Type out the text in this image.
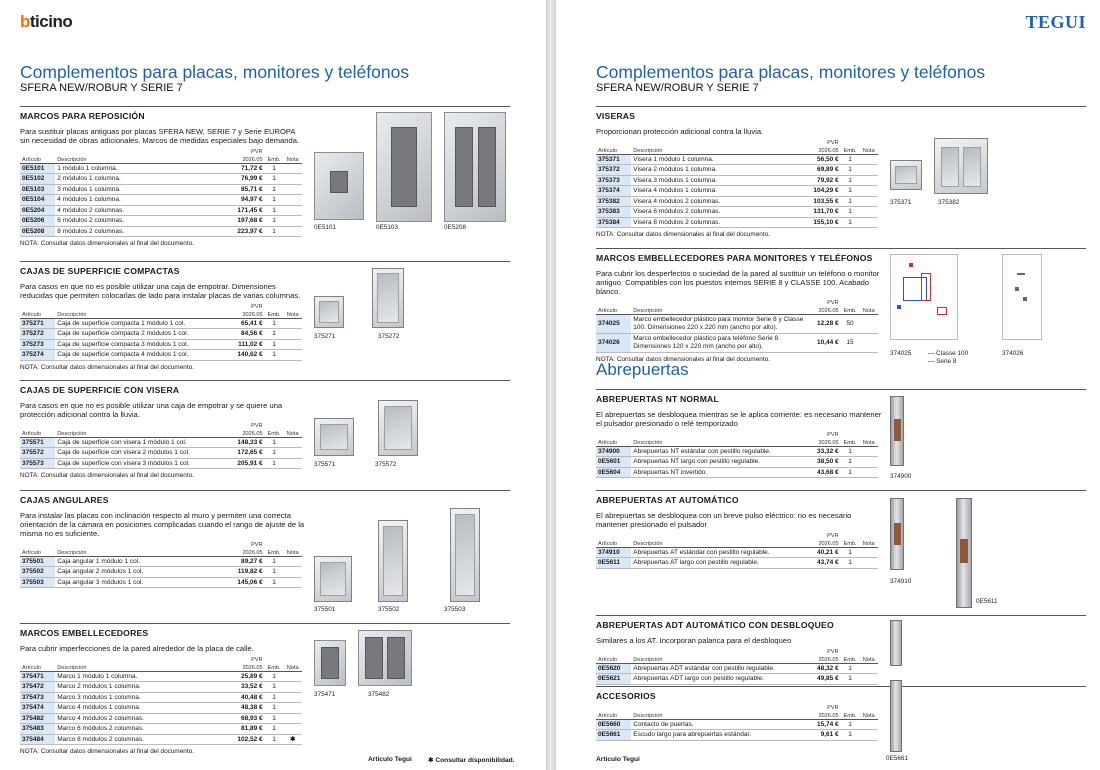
bticino
Complementos para placas, monitores y teléfonos
SFERA NEW/ROBUR Y SERIE 7
MARCOS PARA REPOSICIÓN
Para sustituir placas antiguas por placas SFERA NEW, SERIE 7 y Serie EUROPA sin necesidad de obras adicionales. Marcos de medidas especiales bajo demanda.
		PVR		
Artículo	Descripción	2026.05	Emb.	Nota
0E5101	1 módulo 1 columna.	71,72 €	1	
0E5102	2 módulos 1 columna.	76,99 €	1	
0E5103	3 módulos 1 columna.	85,71 €	1	
0E5104	4 módulos 1 columna.	94,97 €	1	
0E5204	4 módulos 2 columnas.	171,45 €	1	
0E5206	6 módulos 2 columnas.	197,68 €	1	
0E5208	8 módulos 2 columnas.	223,97 €	1	
NOTA: Consultar datos dimensionales al final del documento.
CAJAS DE SUPERFICIE COMPACTAS
Para casos en que no es posible utilizar una caja de empotrar. Dimensiones reducidas que permiten colocarlas de lado para instalar placas de varias columnas.
		PVR		
Artículo	Descripción	2026.05	Emb.	Nota
375271	Caja de superficie compacta 1 módulo 1 col.	65,41 €	1	
375272	Caja de superficie compacta 2 módulos 1 col.	84,56 €	1	
375273	Caja de superficie compacta 3 módulos 1 col.	111,02 €	1	
375274	Caja de superficie compacta 4 módulos 1 col.	140,62 €	1	
NOTA: Consultar datos dimensionales al final del documento.
CAJAS DE SUPERFICIE CON VISERA
Para casos en que no es posible utilizar una caja de empotrar y se quiere una protección adicional contra la lluvia.
		PVR		
Artículo	Descripción	2026.05	Emb.	Nota
375571	Caja de superficie con visera 1 módulo 1 col.	148,33 €	1	
375572	Caja de superficie con visera 2 módulos 1 col.	172,65 €	1	
375573	Caja de superficie con visera 3 módulos 1 col.	205,91 €	1	
NOTA: Consultar datos dimensionales al final del documento.
CAJAS ANGULARES
Para instalar las placas con inclinación respecto al muro y permiten una correcta orientación de la cámara en posiciones complicadas cuando el rango de ajuste de la misma no es suficiente.
		PVR		
Artículo	Descripción	2026.05	Emb.	Nota
375501	Caja angular 1 módulo 1 col.	89,27 €	1	
375502	Caja angular 2 módulos 1 col.	119,82 €	1	
375503	Caja angular 3 módulos 1 col.	145,06 €	1	
MARCOS EMBELLECEDORES
Para cubrir imperfecciones de la pared alrededor de la placa de calle.
		PVR		
Artículo	Descripción	2026.05	Emb.	Nota
375471	Marco 1 módulo 1 columna.	25,89 €	1	
375472	Marco 2 módulos 1 columna.	33,52 €	1	
375473	Marco 3 módulos 1 columna.	40,48 €	1	
375474	Marco 4 módulos 1 columna.	48,38 €	1	
375482	Marco 4 módulos 2 columnas.	68,93 €	1	
375483	Marco 6 módulos 2 columnas.	81,89 €	1	
375484	Marco 8 módulos 2 columnas.	102,52 €	1	✱
NOTA: Consultar datos dimensionales al final del documento.
0E5101	0E5103	0E5208
375271	375272
375571	375572
375501	375502	375503
375471	375482
Artículo Tegui ✱ Consultar disponibilidad.
TEGUI
Complementos para placas, monitores y teléfonos
SFERA NEW/ROBUR Y SERIE 7
VISERAS
Proporcionan protección adicional contra la lluvia.
		PVR		
Artículo	Descripción	2026.05	Emb.	Nota
375371	Visera 1 módulo 1 columna.	56,50 €	1	
375372	Visera 2 módulos 1 columna.	69,89 €	1	
375373	Visera 3 módulos 1 columna.	79,92 €	1	
375374	Visera 4 módulos 1 columna.	104,29 €	1	
375382	Visera 4 módulos 2 columnas.	103,55 €	1	
375383	Visera 6 módulos 2 columnas.	131,70 €	1	
375384	Visera 8 módulos 2 columnas.	155,10 €	1	
NOTA: Consultar datos dimensionales al final del documento.
MARCOS EMBELLECEDORES PARA MONITORES Y TELÉFONOS
Para cubrir los desperfectos o suciedad de la pared al sustituir un teléfono o monitor antiguo. Compatibles con los puestos internos SERIE 8 y CLASSE 100. Acabado blanco.
		PVR		
Artículo	Descripción	2026.05	Emb.	Nota
374025	Marco embellecedor plástico para monitor Serie 8 y Classe 100. Dimensiones 220 x 220 mm (ancho por alto).	12,28 €	50	
374026	Marco embellecedor plástico para teléfono Serie 8. Dimensiones 120 x 220 mm (ancho por alto).	10,44 €	15	
NOTA: Consultar datos dimensionales al final del documento.
Abrepuertas
ABREPUERTAS NT NORMAL
El abrepuertas se desbloquea mientras se le aplica corriente: es necesario mantener el pulsador presionado o relé temporizado
		PVR		
Artículo	Descripción	2026.05	Emb.	Nota
374900	Abrepuertas NT estándar con pestillo regulable.	33,32 €	1	
0E5601	Abrepuertas NT largo con pestillo regulable.	38,50 €	1	
0E5604	Abrepuertas NT invertido.	43,68 €	1	
ABREPUERTAS AT AUTOMÁTICO
El abrepuertas se desbloquea con un breve pulso eléctrico: no es necesario mantener presionado el pulsador
		PVR		
Artículo	Descripción	2026.05	Emb.	Nota
374910	Abrepuertas AT estándar con pestillo regulable.	40,21 €	1	
0E5611	Abrepuertas AT largo con pestillo regulable.	43,74 €	1	
ABREPUERTAS ADT AUTOMÁTICO CON DESBLOQUEO
Similares a los AT. Incorporan palanca para el desbloqueo
		PVR		
Artículo	Descripción	2026.05	Emb.	Nota
0E5620	Abrepuertas ADT estándar con pestillo regulable.	48,32 €	1	
0E5621	Abrepuertas ADT largo con pestillo regulable.	49,85 €	1	
ACCESORIOS
		PVR		
Artículo	Descripción	2026.05	Emb.	Nota
0E5660	Contacto de puertas.	15,74 €	1	
0E5661	Escudo largo para abrepuertas estándar.	9,61 €	1	
375371	375382
374025	— Classe 100
— Serie 8
374026
374900
374910
0E5611
0E5661
Artículo Tegui
